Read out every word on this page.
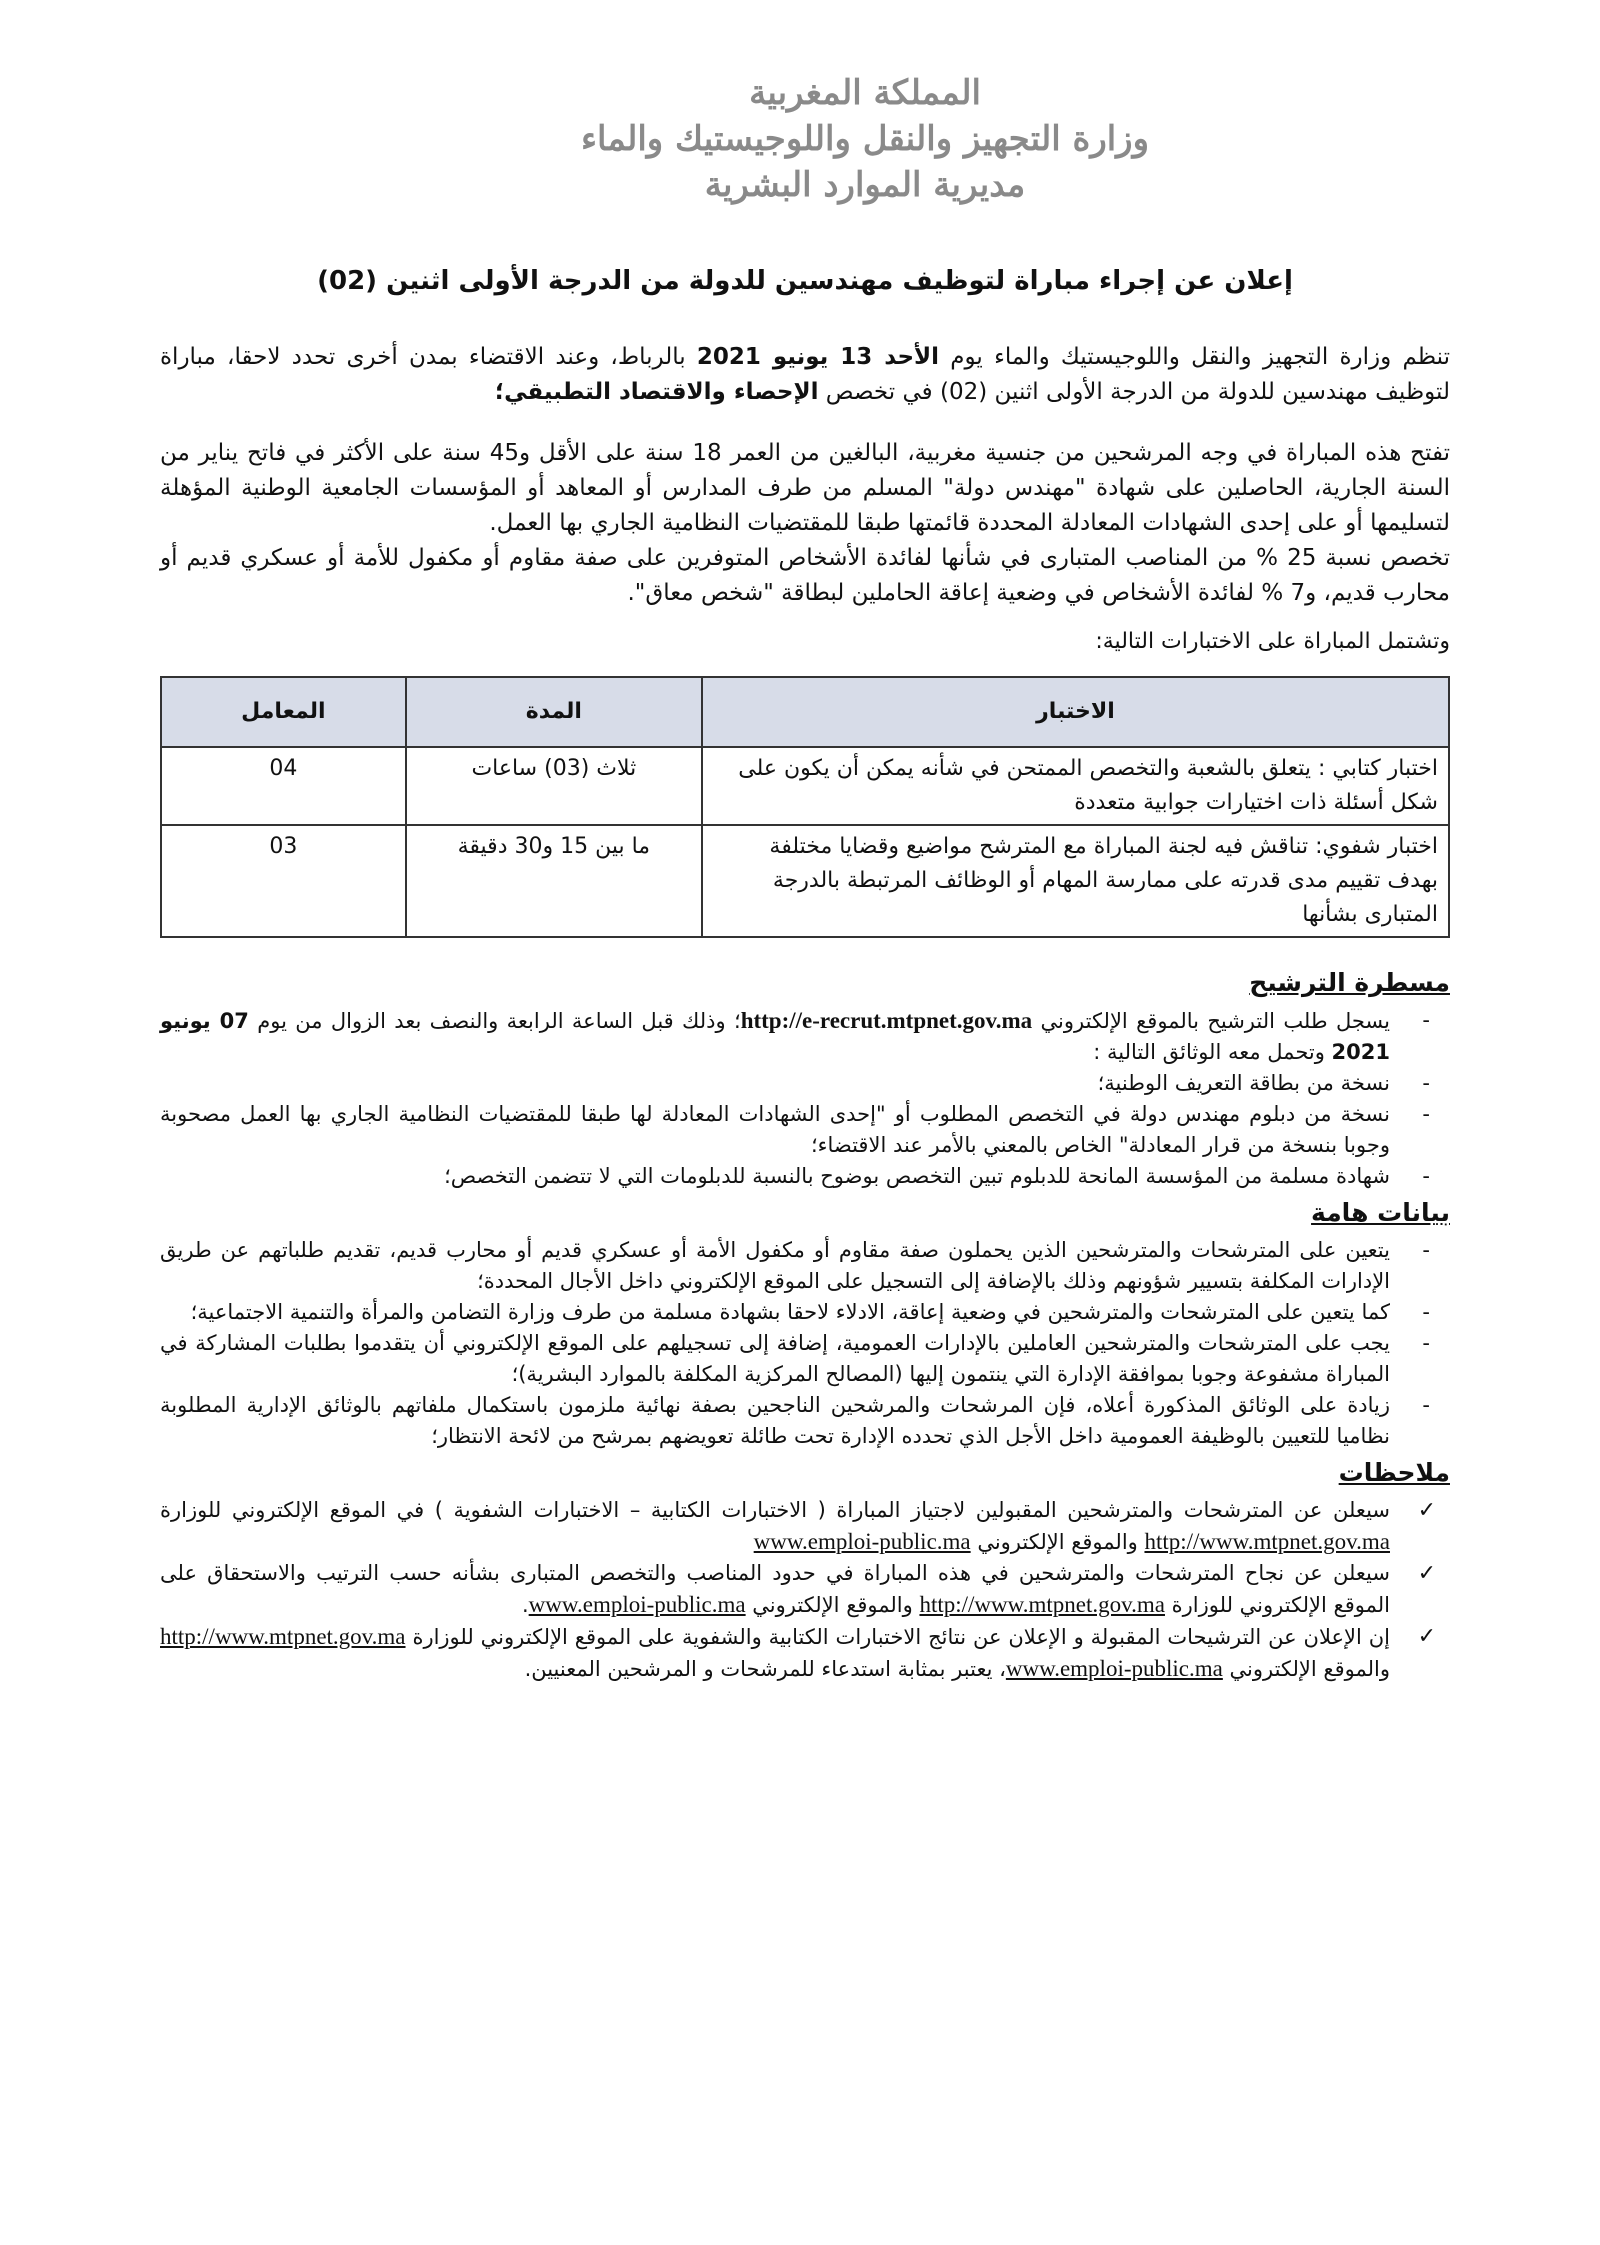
المملكة المغربية
وزارة التجهيز والنقل واللوجيستيك والماء
مديرية الموارد البشرية
إعلان عن إجراء مباراة لتوظيف مهندسين للدولة من الدرجة الأولى اثنين (02)

تنظم وزارة التجهيز والنقل واللوجيستيك والماء يوم الأحد 13 يونيو 2021 بالرباط، وعند الاقتضاء بمدن أخرى تحدد لاحقا، مباراة لتوظيف مهندسين للدولة من الدرجة الأولى اثنين (02) في تخصص الإحصاء والاقتصاد التطبيقي؛

تفتح هذه المباراة في وجه المرشحين من جنسية مغربية، البالغين من العمر 18 سنة على الأقل و45 سنة على الأكثر في فاتح يناير من السنة الجارية، الحاصلين على شهادة "مهندس دولة" المسلم من طرف المدارس أو المعاهد أو المؤسسات الجامعية الوطنية المؤهلة لتسليمها أو على إحدى الشهادات المعادلة المحددة قائمتها طبقا للمقتضيات النظامية الجاري بها العمل.

تخصص نسبة 25 % من المناصب المتبارى في شأنها لفائدة الأشخاص المتوفرين على صفة مقاوم أو مكفول للأمة أو عسكري قديم أو محارب قديم، و7 % لفائدة الأشخاص في وضعية إعاقة الحاملين لبطاقة "شخص معاق".

وتشتمل المباراة على الاختبارات التالية:
الاختبار	المدة	المعامل
اختبار كتابي : يتعلق بالشعبة والتخصص الممتحن في شأنه يمكن أن يكون على شكل أسئلة ذات اختيارات جوابية متعددة	ثلاث (03) ساعات	04
اختبار شفوي: تناقش فيه لجنة المباراة مع المترشح مواضيع وقضايا مختلفة بهدف تقييم مدى قدرته على ممارسة المهام أو الوظائف المرتبطة بالدرجة المتبارى بشأنها	ما بين 15 و30 دقيقة	03
مسطرة الترشيح
-
يسجل طلب الترشيح بالموقع الإلكتروني http://e-recrut.mtpnet.gov.ma؛ وذلك قبل الساعة الرابعة والنصف بعد الزوال من يوم 07 يونيو 2021 وتحمل معه الوثائق التالية :
-
نسخة من بطاقة التعريف الوطنية؛
-
نسخة من دبلوم مهندس دولة في التخصص المطلوب أو "إحدى الشهادات المعادلة لها طبقا للمقتضيات النظامية الجاري بها العمل مصحوبة وجوبا بنسخة من قرار المعادلة" الخاص بالمعني بالأمر عند الاقتضاء؛
-
شهادة مسلمة من المؤسسة المانحة للدبلوم تبين التخصص بوضوح بالنسبة للدبلومات التي لا تتضمن التخصص؛
بيانات هامة
-
يتعين على المترشحات والمترشحين الذين يحملون صفة مقاوم أو مكفول الأمة أو عسكري قديم أو محارب قديم، تقديم طلباتهم عن طريق الإدارات المكلفة بتسيير شؤونهم وذلك بالإضافة إلى التسجيل على الموقع الإلكتروني داخل الأجال المحددة؛
-
كما يتعين على المترشحات والمترشحين في وضعية إعاقة، الادلاء لاحقا بشهادة مسلمة من طرف وزارة التضامن والمرأة والتنمية الاجتماعية؛
-
يجب على المترشحات والمترشحين العاملين بالإدارات العمومية، إضافة إلى تسجيلهم على الموقع الإلكتروني أن يتقدموا بطلبات المشاركة في المباراة مشفوعة وجوبا بموافقة الإدارة التي ينتمون إليها (المصالح المركزية المكلفة بالموارد البشرية)؛
-
زيادة على الوثائق المذكورة أعلاه، فإن المرشحات والمرشحين الناجحين بصفة نهائية ملزمون باستكمال ملفاتهم بالوثائق الإدارية المطلوبة نظاميا للتعيين بالوظيفة العمومية داخل الأجل الذي تحدده الإدارة تحت طائلة تعويضهم بمرشح من لائحة الانتظار؛
ملاحظات
✓
سيعلن عن المترشحات والمترشحين المقبولين لاجتياز المباراة ( الاختبارات الكتابية – الاختبارات الشفوية ) في الموقع الإلكتروني للوزارة http://www.mtpnet.gov.ma والموقع الإلكتروني www.emploi-public.ma
✓
سيعلن عن نجاح المترشحات والمترشحين في هذه المباراة في حدود المناصب والتخصص المتبارى بشأنه حسب الترتيب والاستحقاق على الموقع الإلكتروني للوزارة http://www.mtpnet.gov.ma والموقع الإلكتروني www.emploi-public.ma.
✓
إن الإعلان عن الترشيحات المقبولة و الإعلان عن نتائج الاختبارات الكتابية والشفوية على الموقع الإلكتروني للوزارة http://www.mtpnet.gov.ma والموقع الإلكتروني www.emploi-public.ma، يعتبر بمثابة استدعاء للمرشحات و المرشحين المعنيين.
